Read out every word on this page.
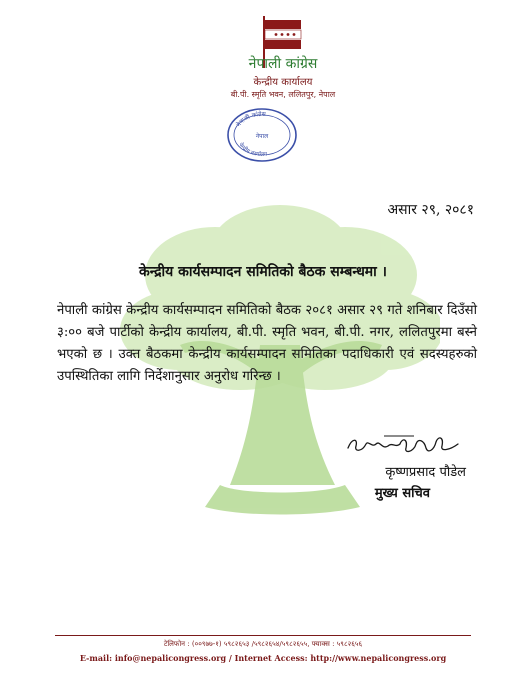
नेपाली कांग्रेस
केन्द्रीय कार्यालय
बी.पी. स्मृति भवन, ललितपुर, नेपाल
नेपाली कांग्रेस
नेपाल
केन्द्रीय कार्यालय
असार २९, २०८१
केन्द्रीय कार्यसम्पादन समितिको बैठक सम्बन्धमा ।
नेपाली कांग्रेस केन्द्रीय कार्यसम्पादन समितिको बैठक २०८१ असार २९ गते शनिबार दिउँसो ३:०० बजे पार्टीको केन्द्रीय कार्यालय, बी.पी. स्मृति भवन, बी.पी. नगर, ललितपुरमा बस्ने भएको छ । उक्त बैठकमा केन्द्रीय कार्यसम्पादन समितिका पदाधिकारी एवं सदस्यहरुको उपस्थितिका लागि निर्देशानुसार अनुरोध गरिन्छ ।
कृष्णप्रसाद पौडेल
मुख्य सचिव
टेलिफोन : (००९७७-१) ५९८२६५३ /५९८२६५४/५९८२६५५, फ्याक्स : ५९८२६५६
E-mail: info@nepalicongress.org / Internet Access: http://www.nepalicongress.org
